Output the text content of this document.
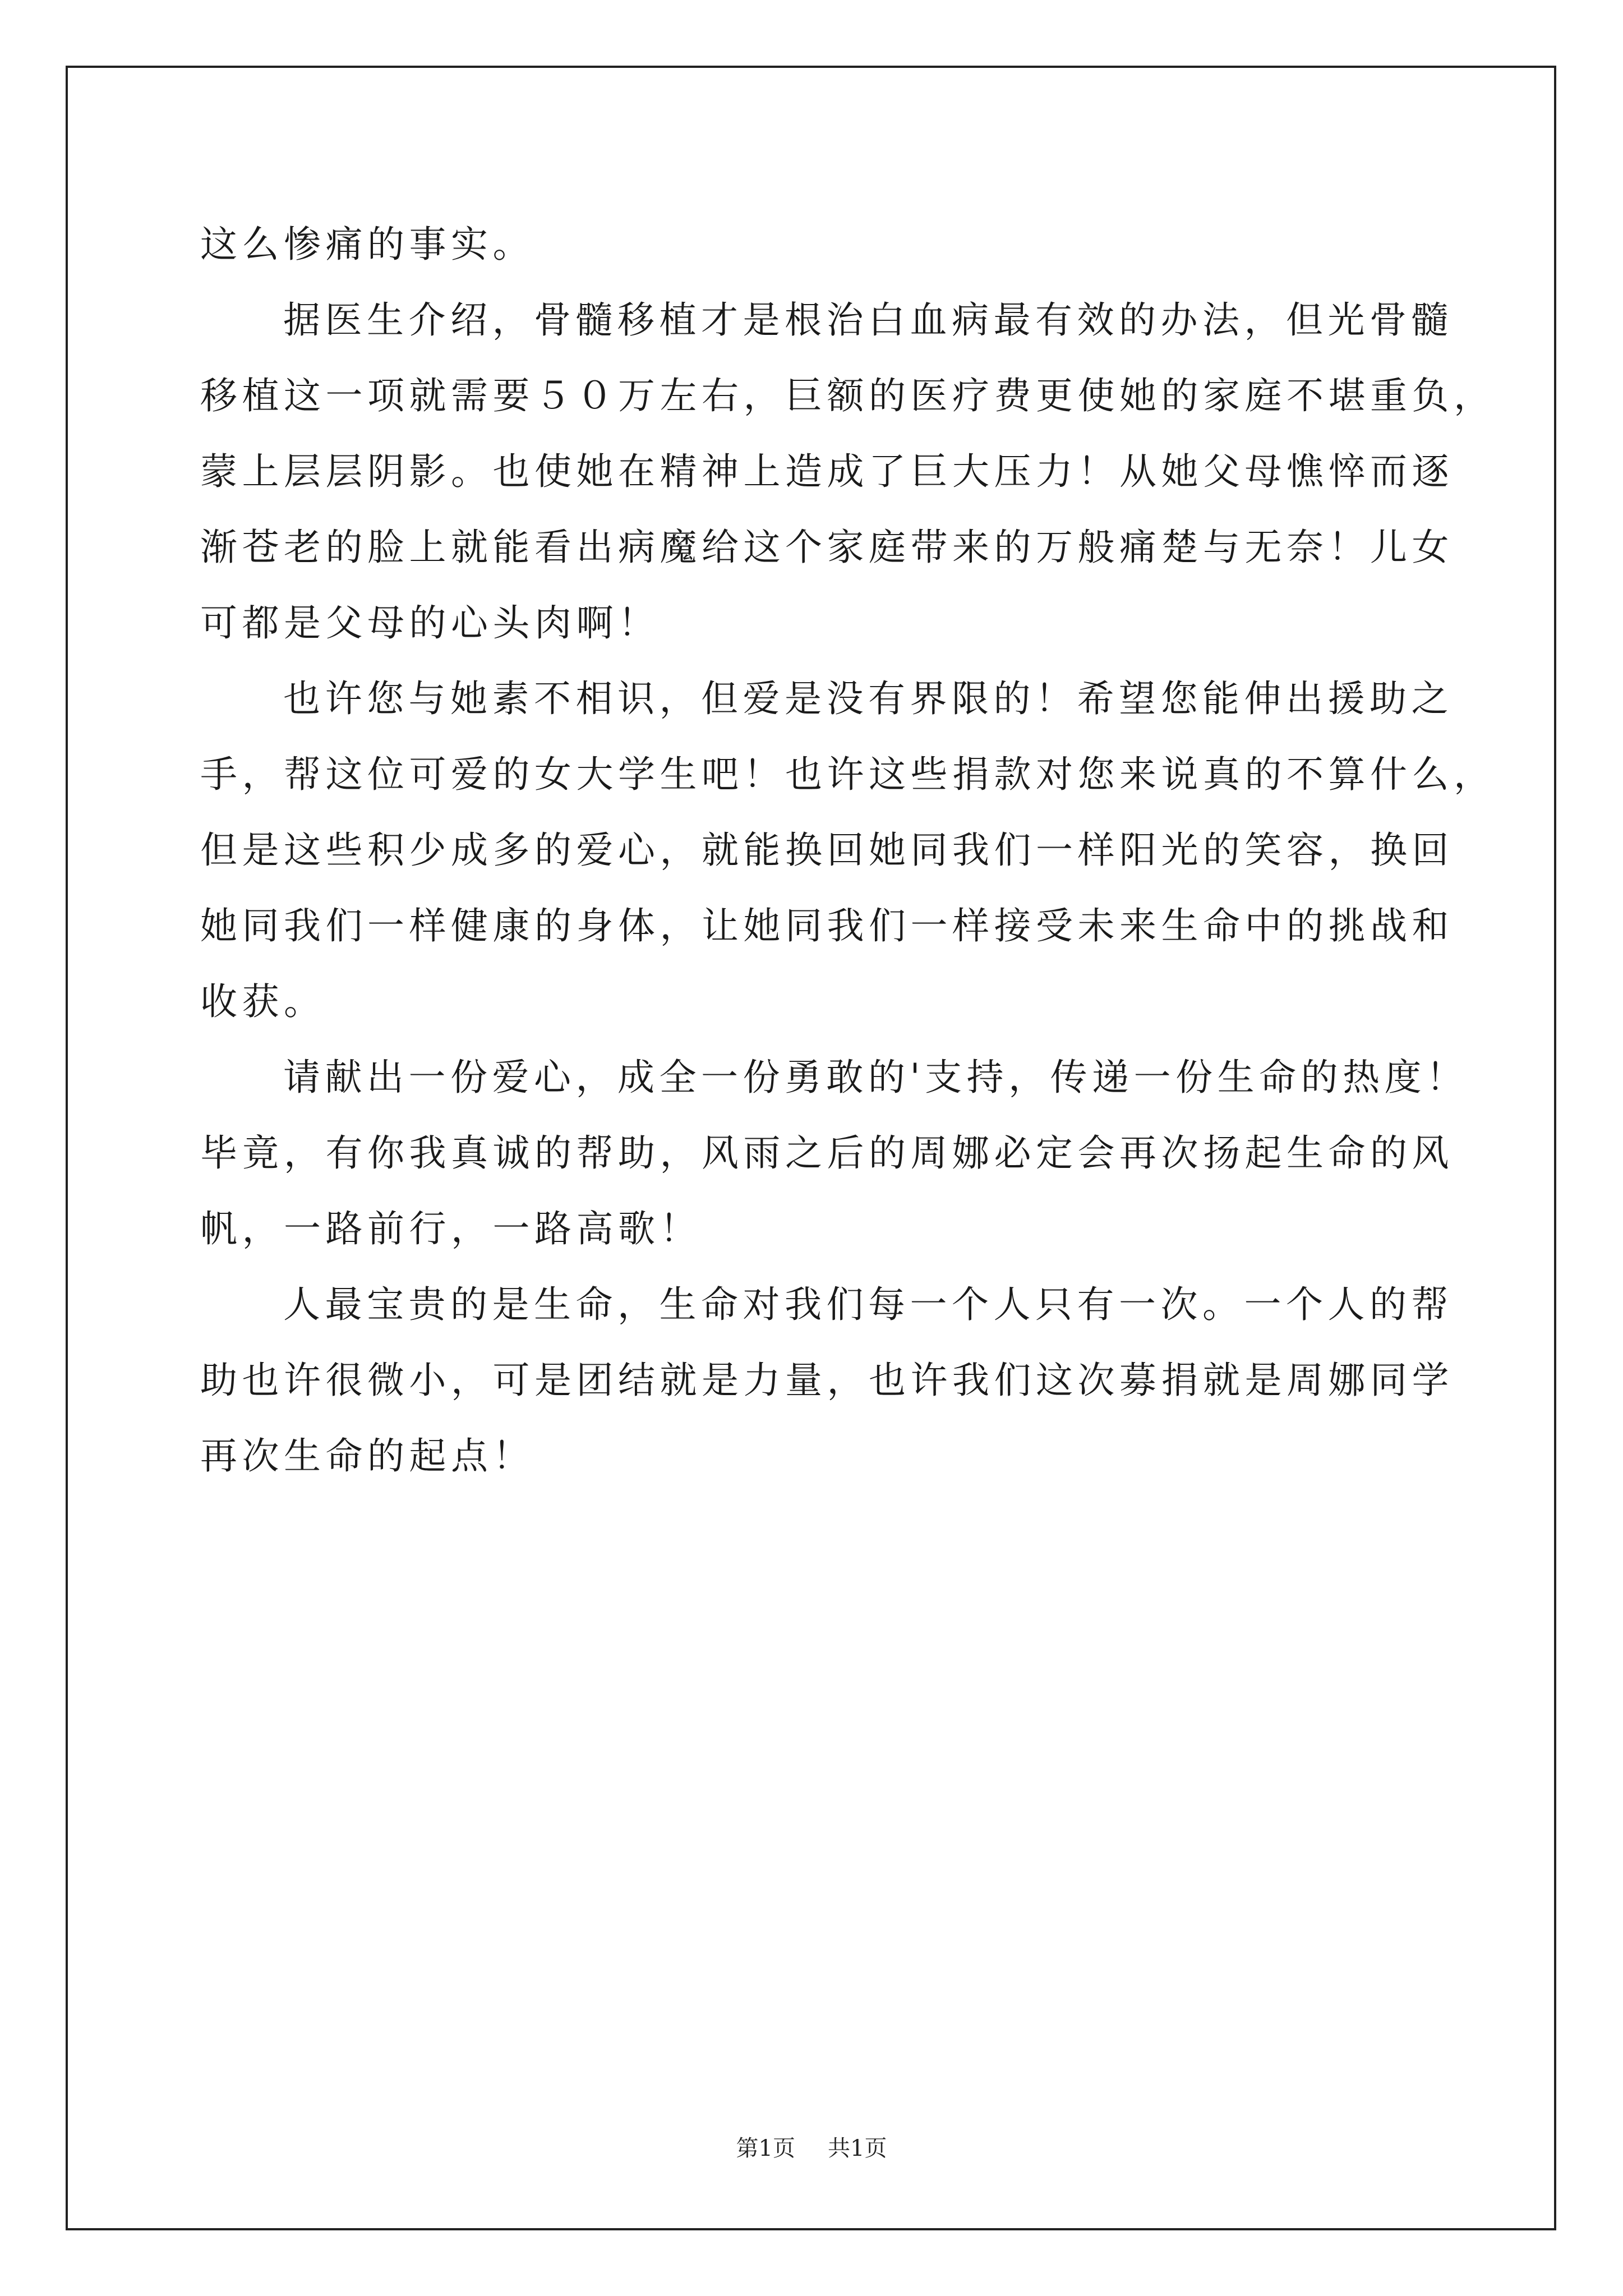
这么惨痛的事实。
据医生介绍，骨髓移植才是根治白血病最有效的办法，但光骨髓
移植这一项就需要５０万左右，巨额的医疗费更使她的家庭不堪重负，
蒙上层层阴影。也使她在精神上造成了巨大压力！从她父母憔悴而逐
渐苍老的脸上就能看出病魔给这个家庭带来的万般痛楚与无奈！儿女
可都是父母的心头肉啊！
也许您与她素不相识，但爱是没有界限的！希望您能伸出援助之
手，帮这位可爱的女大学生吧！也许这些捐款对您来说真的不算什么，
但是这些积少成多的爱心，就能换回她同我们一样阳光的笑容，换回
她同我们一样健康的身体，让她同我们一样接受未来生命中的挑战和
收获。
请献出一份爱心，成全一份勇敢的'支持，传递一份生命的热度！
毕竟，有你我真诚的帮助，风雨之后的周娜必定会再次扬起生命的风
帆，一路前行，一路高歌！
人最宝贵的是生命，生命对我们每一个人只有一次。一个人的帮
助也许很微小，可是团结就是力量，也许我们这次募捐就是周娜同学
再次生命的起点！
第1页 共1页
